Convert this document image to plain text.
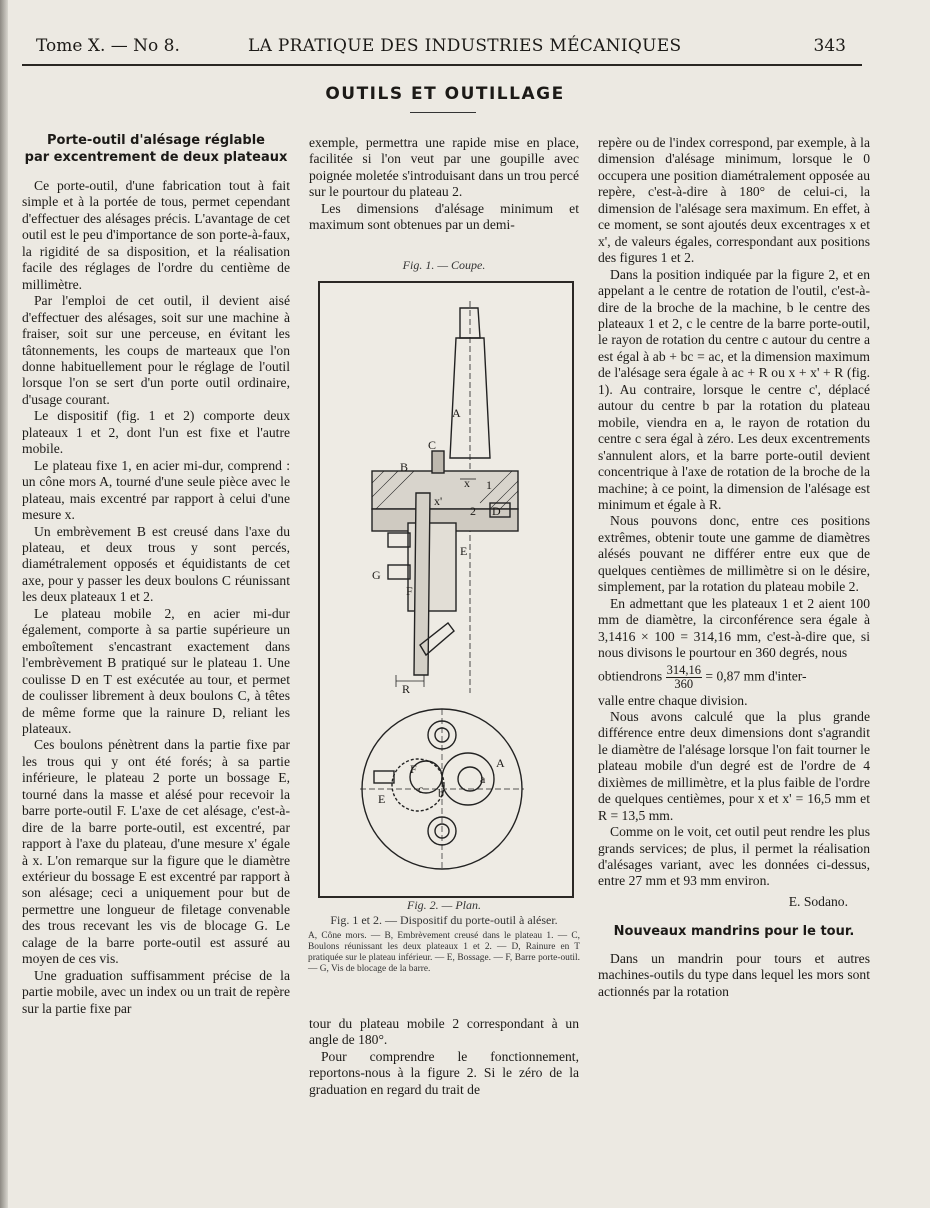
Tome X. — No 8.	LA PRATIQUE DES INDUSTRIES MÉCANIQUES	343
OUTILS ET OUTILLAGE
Porte-outil d'alésage réglable
par excentrement de deux plateaux

Ce porte-outil, d'une fabrication tout à fait simple et à la portée de tous, permet cependant d'effectuer des alésages précis. L'avantage de cet outil est le peu d'importance de son porte-à-faux, la rigidité de sa disposition, et la réalisation facile des réglages de l'ordre du centième de millimètre.

Par l'emploi de cet outil, il devient aisé d'effectuer des alésages, soit sur une machine à fraiser, soit sur une perceuse, en évitant les tâtonnements, les coups de marteaux que l'on donne habituellement pour le réglage de l'outil lorsque l'on se sert d'un porte outil ordinaire, d'usage courant.

Le dispositif (fig. 1 et 2) comporte deux plateaux 1 et 2, dont l'un est fixe et l'autre mobile.

Le plateau fixe 1, en acier mi-dur, comprend : un cône mors A, tourné d'une seule pièce avec le plateau, mais excentré par rapport à celui d'une mesure x.

Un embrèvement B est creusé dans l'axe du plateau, et deux trous y sont percés, diamétralement opposés et équidistants de cet axe, pour y passer les deux boulons C réunissant les deux plateaux 1 et 2.

Le plateau mobile 2, en acier mi-dur également, comporte à sa partie supérieure un emboîtement s'encastrant exactement dans l'embrèvement B pratiqué sur le plateau 1. Une coulisse D en T est exécutée au tour, et permet de coulisser librement à deux boulons C, à têtes de même forme que la rainure D, reliant les plateaux.

Ces boulons pénètrent dans la partie fixe par les trous qui y ont été forés; à sa partie inférieure, le plateau 2 porte un bossage E, tourné dans la masse et alésé pour recevoir la barre porte-outil F. L'axe de cet alésage, c'est-à-dire de la barre porte-outil, est excentré, par rapport à l'axe du plateau, d'une mesure x' égale à x. L'on remarque sur la figure que le diamètre extérieur du bossage E est excentré par rapport à son alésage; ceci a uniquement pour but de permettre une longueur de filetage convenable des trous recevant les vis de blocage G. Le calage de la barre porte-outil est assuré au moyen de ces vis.

Une graduation suffisamment précise de la partie mobile, avec un index ou un trait de repère sur la partie fixe par

exemple, permettra une rapide mise en place, facilitée si l'on veut par une goupille avec poignée moletée s'introduisant dans un trou percé sur le pourtour du plateau 2.

Les dimensions d'alésage minimum et maximum sont obtenues par un demi-

Fig. 1. — Coupe.
A
B
C
D
E
F
G
R
1
2
x
x'
b
c
a
A
F
E
Fig. 2. — Plan.
Fig. 1 et 2. — Dispositif du porte-outil à aléser.
A, Cône mors. — B, Embrèvement creusé dans le plateau 1. — C, Boulons réunissant les deux plateaux 1 et 2. — D, Rainure en T pratiquée sur le plateau inférieur. — E, Bossage. — F, Barre porte-outil. — G, Vis de blocage de la barre.

tour du plateau mobile 2 correspondant à un angle de 180°.

Pour comprendre le fonctionnement, reportons-nous à la figure 2. Si le zéro de la graduation en regard du trait de

repère ou de l'index correspond, par exemple, à la dimension d'alésage minimum, lorsque le 0 occupera une position diamétralement opposée au repère, c'est-à-dire à 180° de celui-ci, la dimension de l'alésage sera maximum. En effet, à ce moment, se sont ajoutés deux excentrages x et x', de valeurs égales, correspondant aux positions des figures 1 et 2.

Dans la position indiquée par la figure 2, et en appelant a le centre de rotation de l'outil, c'est-à-dire de la broche de la machine, b le centre des plateaux 1 et 2, c le centre de la barre porte-outil, le rayon de rotation du centre c autour du centre a est égal à ab + bc = ac, et la dimension maximum de l'alésage sera égale à ac + R ou x + x' + R (fig. 1). Au contraire, lorsque le centre c', déplacé autour du centre b par la rotation du plateau mobile, viendra en a, le rayon de rotation du centre c sera égal à zéro. Les deux excentrements s'annulent alors, et la barre porte-outil devient concentrique à l'axe de rotation de la broche de la machine; à ce point, la dimension de l'alésage est minimum et égale à R.

Nous pouvons donc, entre ces positions extrêmes, obtenir toute une gamme de diamètres alésés pouvant ne différer entre eux que de quelques centièmes de millimètre si on le désire, simplement, par la rotation du plateau mobile 2.

En admettant que les plateaux 1 et 2 aient 100 mm de diamètre, la circonférence sera égale à 3,1416 × 100 = 314,16 mm, c'est-à-dire que, si nous divisons le pourtour en 360 degrés, nous

obtiendrons $\frac{314,16}{360} = 0,87$ mm d'inter-

valle entre chaque division.

Nous avons calculé que la plus grande différence entre deux dimensions dont s'agrandit le diamètre de l'alésage lorsque l'on fait tourner le plateau mobile d'un degré est de l'ordre de 4 dixièmes de millimètre, et la plus faible de l'ordre de quelques centièmes, pour x et x' = 16,5 mm et R = 13,5 mm.

Comme on le voit, cet outil peut rendre les plus grands services; de plus, il permet la réalisation d'alésages variant, avec les données ci-dessus, entre 27 mm et 93 mm environ.

E. Sodano.
Nouveaux mandrins pour le tour.

Dans un mandrin pour tours et autres machines-outils du type dans lequel les mors sont actionnés par la rotation
